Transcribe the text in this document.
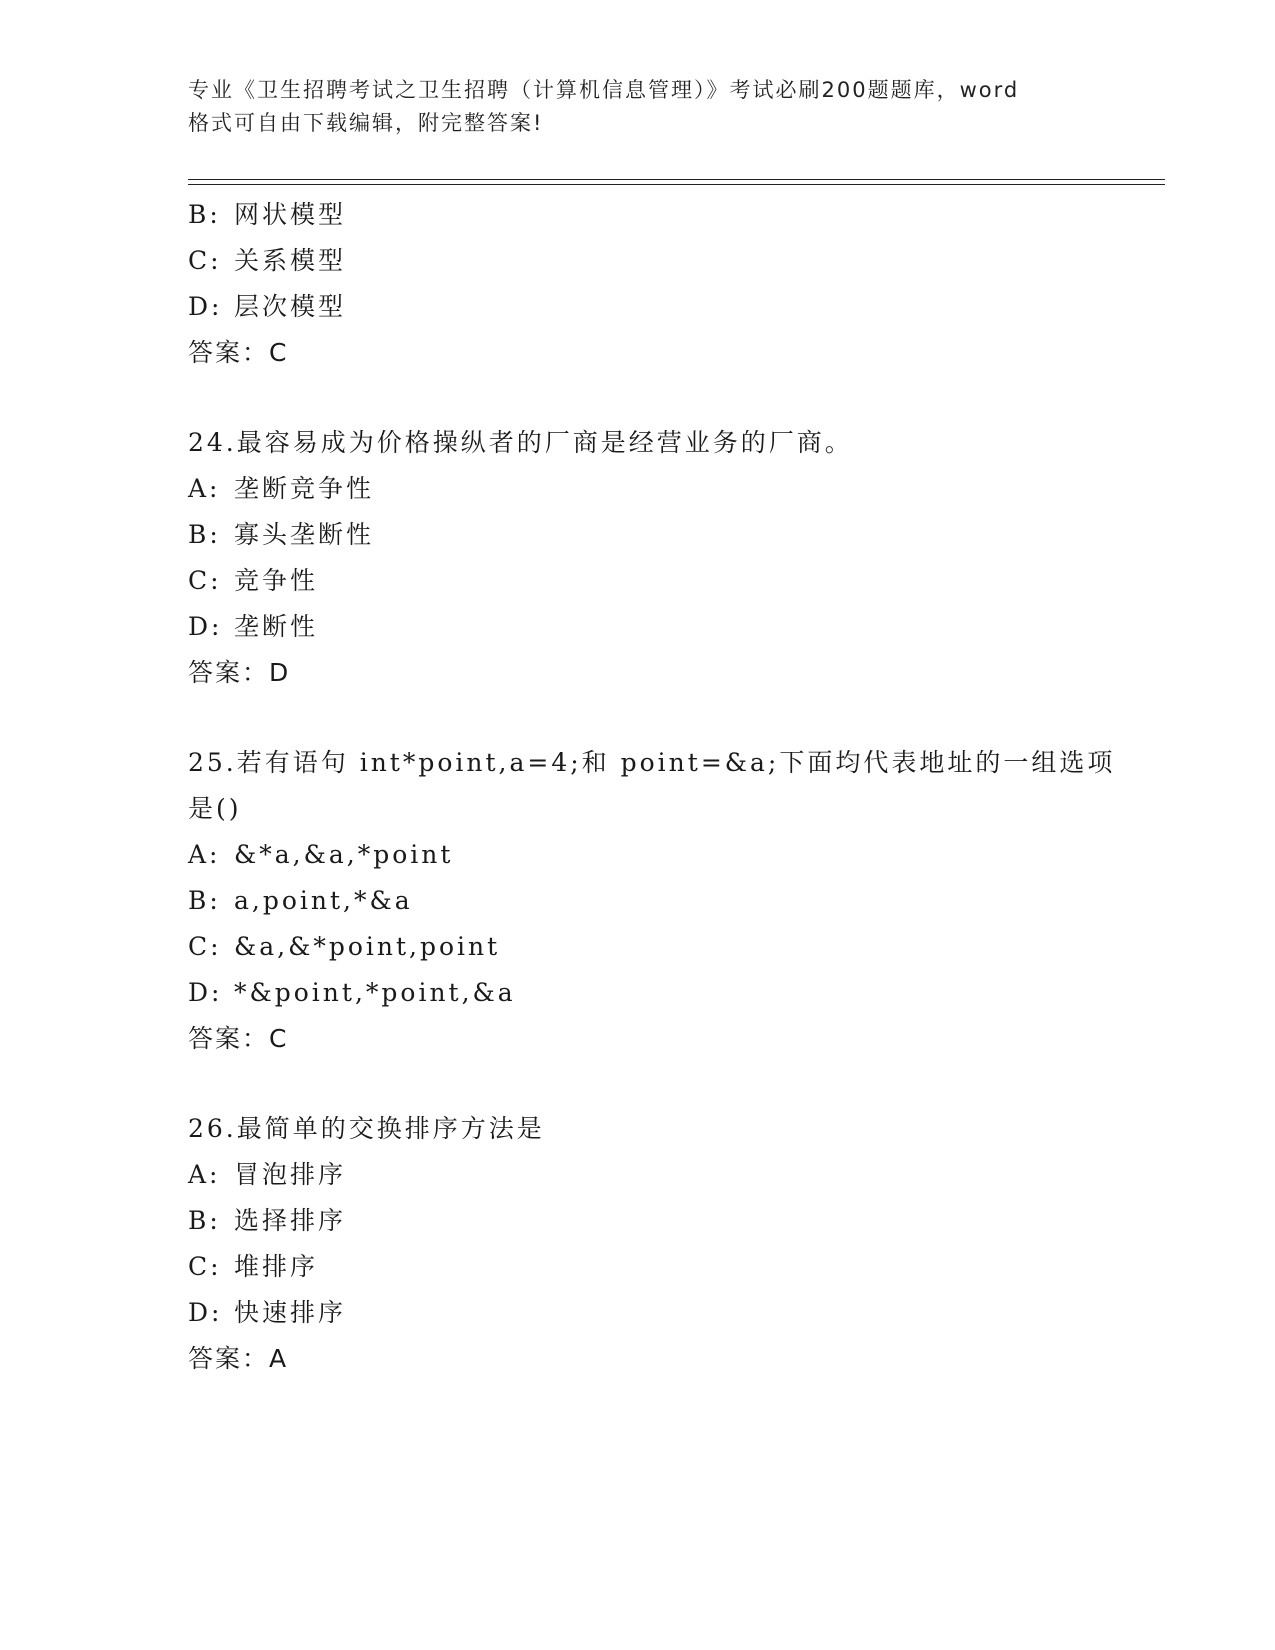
专业《卫生招聘考试之卫生招聘（计算机信息管理）》考试必刷200题题库，word
格式可自由下载编辑，附完整答案!
B: 网状模型
C: 关系模型
D: 层次模型
答案：C
24.最容易成为价格操纵者的厂商是经营业务的厂商。
A: 垄断竞争性
B: 寡头垄断性
C: 竞争性
D: 垄断性
答案：D
25.若有语句 int*point,a=4;和 point=&a;下面均代表地址的一组选项
是()
A: &*a,&a,*point
B: a,point,*&a
C: &a,&*point,point
D: *&point,*point,&a
答案：C
26.最简单的交换排序方法是
A: 冒泡排序
B: 选择排序
C: 堆排序
D: 快速排序
答案：A
